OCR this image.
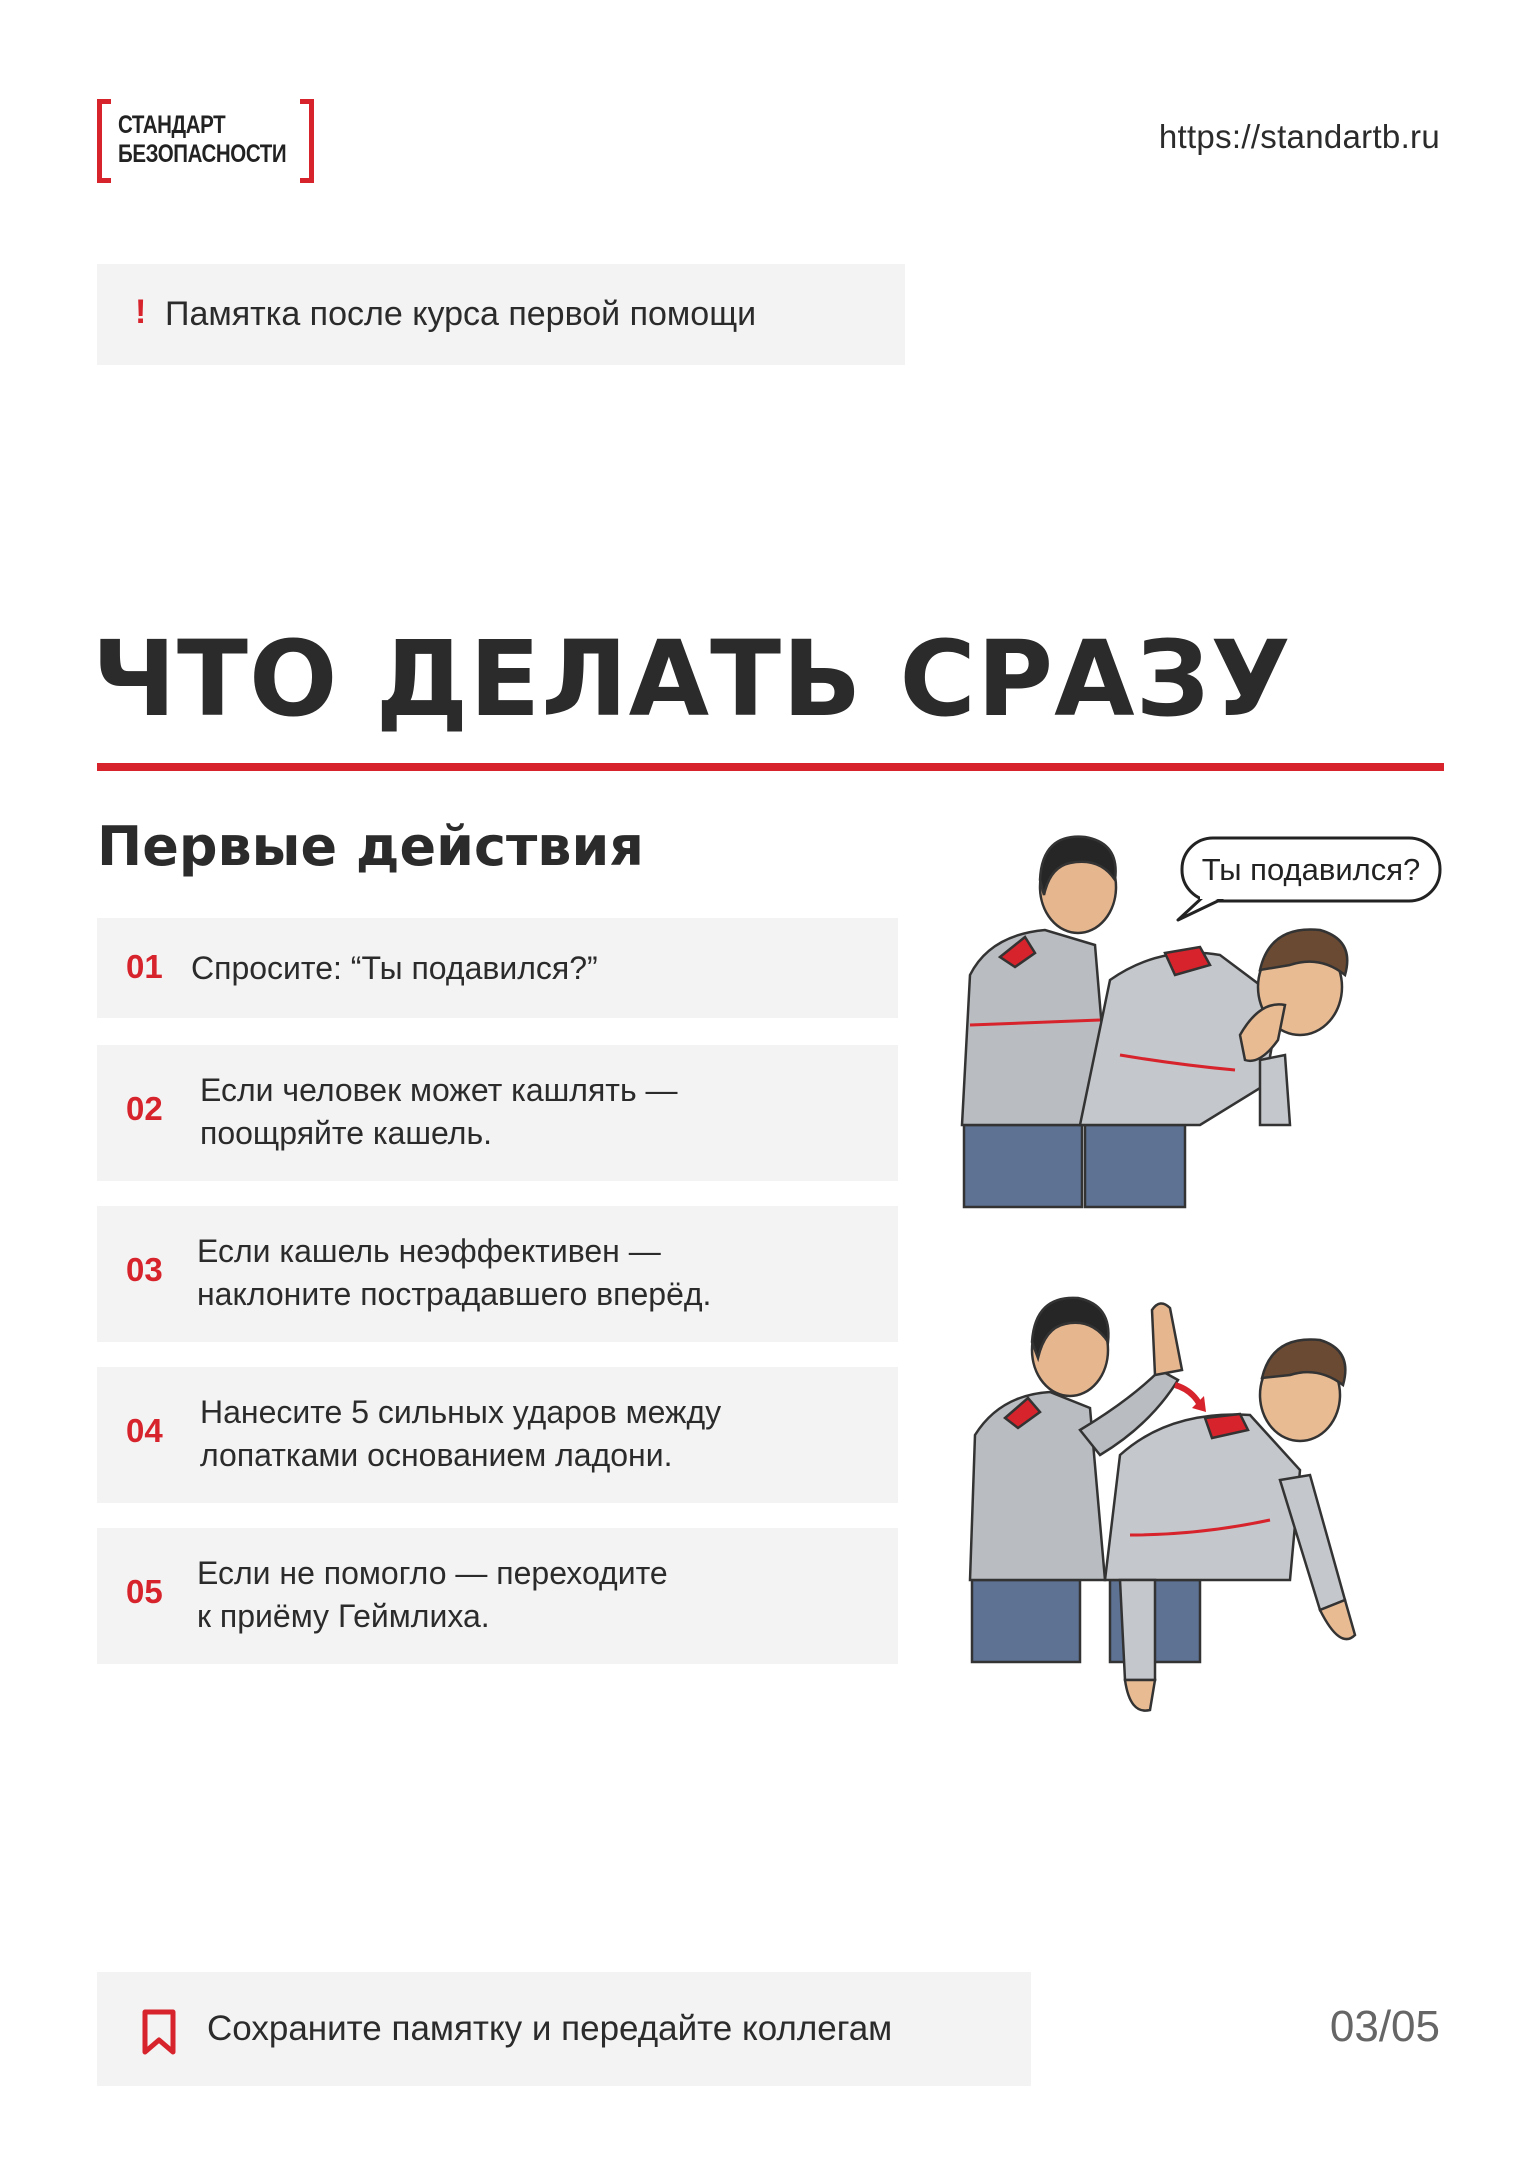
СТАНДАРТ
БЕЗОПАСНОСТИ	https://standartb.ru
! Памятка после курса первой помощи
ЧТО ДЕЛАТЬ СРАЗУ
Первые действия
01 Спросите: “Ты подавился?”
02 Если человек может кашлять —
поощряйте кашель.
03 Если кашель неэффективен —
наклоните пострадавшего вперёд.
04 Нанесите 5 сильных ударов между
лопатками основанием ладони.
05 Если не помогло — переходите
к приёму Геймлиха.
Ты подавился?
Сохраните памятку и передайте коллегам	03/05
